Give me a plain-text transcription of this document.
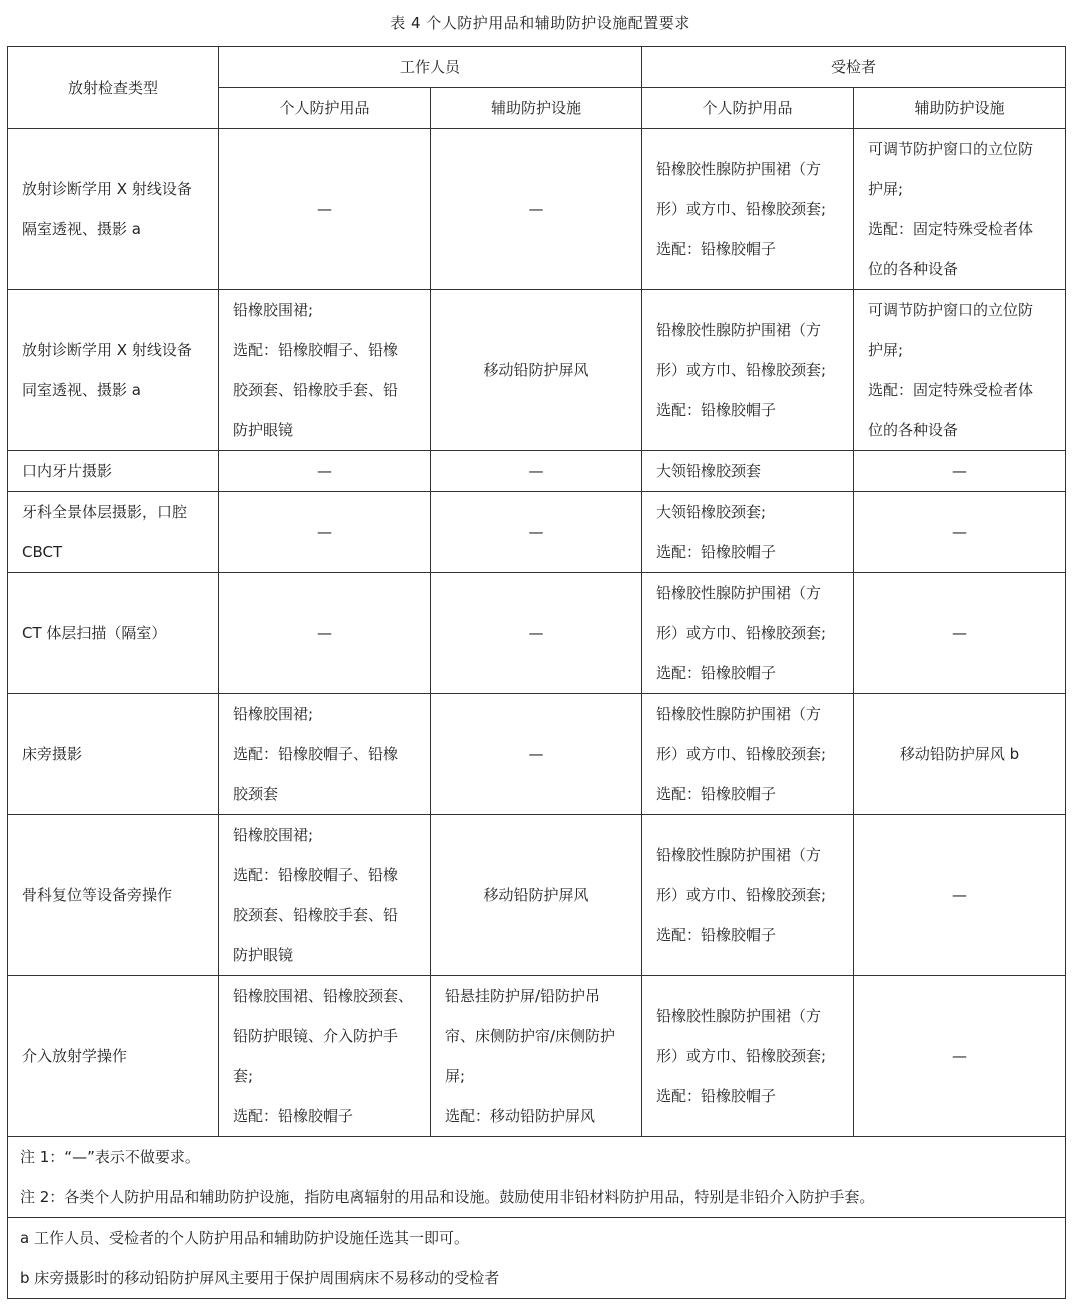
表 4 个人防护用品和辅助防护设施配置要求
放射检查类型	工作人员		受检者	
	个人防护用品	辅助防护设施	个人防护用品	辅助防护设施
放射诊断学用 X 射线设备
隔室透视、摄影 a	—	—	铅橡胶性腺防护围裙（方
形）或方巾、铅橡胶颈套;
选配：铅橡胶帽子	可调节防护窗口的立位防
护屏;
选配：固定特殊受检者体
位的各种设备
放射诊断学用 X 射线设备
同室透视、摄影 a	铅橡胶围裙;
选配：铅橡胶帽子、铅橡
胶颈套、铅橡胶手套、铅
防护眼镜	移动铅防护屏风	铅橡胶性腺防护围裙（方
形）或方巾、铅橡胶颈套;
选配：铅橡胶帽子	可调节防护窗口的立位防
护屏;
选配：固定特殊受检者体
位的各种设备
口内牙片摄影	—	—	大领铅橡胶颈套	—
牙科全景体层摄影，口腔
CBCT	—	—	大领铅橡胶颈套;
选配：铅橡胶帽子	—
CT 体层扫描（隔室）	—	—	铅橡胶性腺防护围裙（方
形）或方巾、铅橡胶颈套;
选配：铅橡胶帽子	—
床旁摄影	铅橡胶围裙;
选配：铅橡胶帽子、铅橡
胶颈套	—	铅橡胶性腺防护围裙（方
形）或方巾、铅橡胶颈套;
选配：铅橡胶帽子	移动铅防护屏风 b
骨科复位等设备旁操作	铅橡胶围裙;
选配：铅橡胶帽子、铅橡
胶颈套、铅橡胶手套、铅
防护眼镜	移动铅防护屏风	铅橡胶性腺防护围裙（方
形）或方巾、铅橡胶颈套;
选配：铅橡胶帽子	—
介入放射学操作	铅橡胶围裙、铅橡胶颈套、
铅防护眼镜、介入防护手
套;
选配：铅橡胶帽子	铅悬挂防护屏/铅防护吊
帘、床侧防护帘/床侧防护
屏;
选配：移动铅防护屏风	铅橡胶性腺防护围裙（方
形）或方巾、铅橡胶颈套;
选配：铅橡胶帽子	—

注 1：“—”表示不做要求。
注 2：各类个人防护用品和辅助防护设施，指防电离辐射的用品和设施。鼓励使用非铅材料防护用品，特别是非铅介入防护手套。				

a 工作人员、受检者的个人防护用品和辅助防护设施任选其一即可。
b 床旁摄影时的移动铅防护屏风主要用于保护周围病床不易移动的受检者				
